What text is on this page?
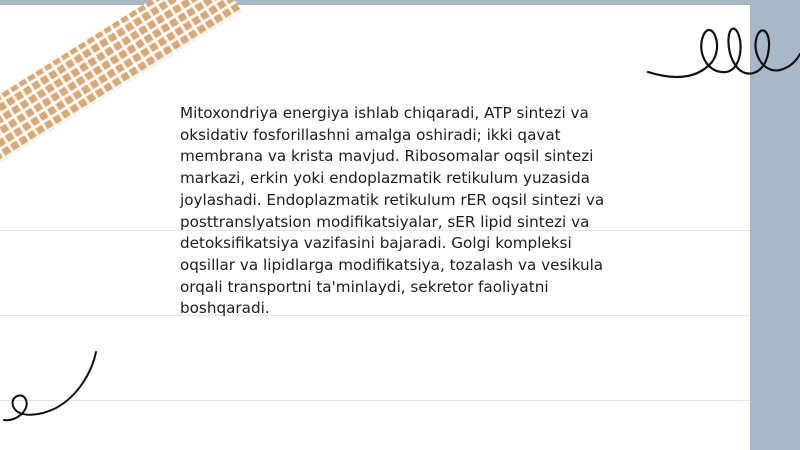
Mitoxondriya energiya ishlab chiqaradi, ATP sintezi va oksidativ fosforillashni amalga oshiradi; ikki qavat membrana va krista mavjud. Ribosomalar oqsil sintezi markazi, erkin yoki endoplazmatik retikulum yuzasida joylashadi. Endoplazmatik retikulum rER oqsil sintezi va posttranslyatsion modifikatsiyalar, sER lipid sintezi va detoksifikatsiya vazifasini bajaradi. Golgi kompleksi oqsillar va lipidlarga modifikatsiya, tozalash va vesikula orqali transportni ta'minlaydi, sekretor faoliyatni boshqaradi.
